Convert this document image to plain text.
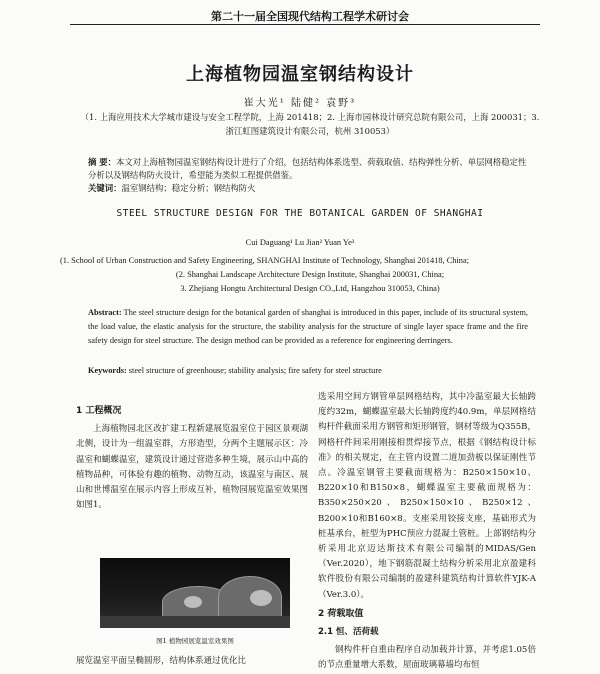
第二十一届全国现代结构工程学术研讨会
上海植物园温室钢结构设计
崔大光¹ 陆健² 袁野³
（1. 上海应用技术大学城市建设与安全工程学院，上海 201418；2. 上海市园林设计研究总院有限公司，上海 200031；3.
浙江虹图建筑设计有限公司，杭州 310053）
摘 要：本文对上海植物园温室钢结构设计进行了介绍，包括结构体系选型、荷载取值、结构弹性分析、单层网格稳定性分析以及钢结构防火设计，希望能为类似工程提供借鉴。
关键词：温室钢结构；稳定分析；钢结构防火
STEEL STRUCTURE DESIGN FOR THE BOTANICAL GARDEN OF SHANGHAI
Cui Daguang¹ Lu Jian² Yuan Ye³
(1. School of Urban Construction and Safety Engineering, SHANGHAI Institute of Technology, Shanghai 201418, China;
(2. Shanghai Landscape Architecture Design Institute, Shanghai 200031, China;
3. Zhejiang Hongtu Architectural Design CO.,Ltd, Hangzhou 310053, China)
Abstract: The steel structure design for the botanical garden of shanghai is introduced in this paper, include of its structural system, the load value, the elastic analysis for the structure, the stability analysis for the structure of single layer space frame and the fire safety design for steel structure. The design method can be provided as a reference for engineering derringers.
Keywords: steel structure of greenhouse; stability analysis; fire safety for steel structure
1 工程概况

上海植物园北区改扩建工程新建展览温室位于园区景观湖北侧，设计为一组温室群，方形造型，分两个主题展示区：冷温室和蝴蝶温室，建筑设计通过营造多种生境，展示山中高的植物品种，可体验有趣的植物、动物互动，该温室与南区、展山和世博温室在展示内容上形成互补，植物园展览温室效果图如图1。

图1 植物园展览温室效果图
展览温室平面呈椭圆形，结构体系通过优化比

选采用空间方钢管单层网格结构，其中冷温室最大长轴跨度约32m，蝴蝶温室最大长轴跨度约40.9m，单层网格结构杆件截面采用方钢管和矩形钢管，钢材等级为Q355B，网格杆件间采用刚接相贯焊接节点，根据《钢结构设计标准》的相关规定，在主管内设置二道加劲板以保证刚性节点。冷温室钢管主要截面规格为：B250×150×10、B220×10和B150×8，蝴蝶温室主要截面规格为：B350×250×20、B250×150×10、B250×12、B200×10和B160×8。支座采用铰接支座，基础形式为桩基承台，桩型为PHC预应力混凝土管桩。上部钢结构分析采用北京迈达斯技术有限公司编制的MIDAS/Gen（Ver.2020），地下钢筋混凝土结构分析采用北京盈建科软件股份有限公司编制的盈建科建筑结构计算软件YJK-A（Ver.3.0）。

2 荷载取值
2.1 恒、活荷载

钢构件杆自重由程序自动加载并计算，并考虑1.05倍的节点重量增大系数，屋面玻璃幕墙均布恒
